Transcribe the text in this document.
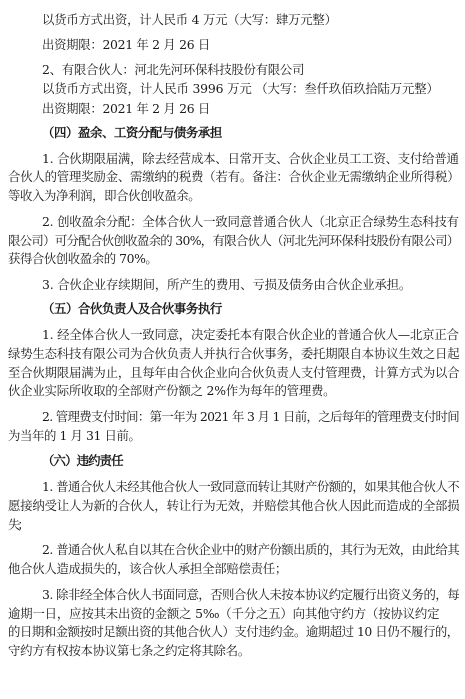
以货币方式出资，计人民币 4 万元（大写：肆万元整）
出资期限：2021 年 2 月 26 日
2、有限合伙人：河北先河环保科技股份有限公司
以货币方式出资，计人民币 3996 万元 （大写：叁仟玖佰玖拾陆万元整）
出资期限：2021 年 2 月 26 日
（四）盈余、工资分配与债务承担
1. 合伙期限届满，除去经营成本、日常开支、合伙企业员工工资、支付给普通
合伙人的管理奖励金、需缴纳的税费（若有。备注：合伙企业无需缴纳企业所得税）
等收入为净利润，即合伙创收盈余。
2. 创收盈余分配：全体合伙人一致同意普通合伙人（北京正合绿势生态科技有
限公司）可分配合伙创收盈余的 30%，有限合伙人（河北先河环保科技股份有限公司）
获得合伙创收盈余的 70%。
3. 合伙企业存续期间，所产生的费用、亏损及债务由合伙企业承担。
（五）合伙负责人及合伙事务执行
1. 经全体合伙人一致同意，决定委托本有限合伙企业的普通合伙人—北京正合
绿势生态科技有限公司为合伙负责人并执行合伙事务，委托期限自本协议生效之日起
至合伙期限届满为止，且每年由合伙企业向合伙负责人支付管理费，计算方式为以合
伙企业实际所收取的全部财产份额之 2%作为每年的管理费。
2. 管理费支付时间：第一年为 2021 年 3 月 1 日前，之后每年的管理费支付时间
为当年的 1 月 31 日前。
（六）违约责任
1. 普通合伙人未经其他合伙人一致同意而转让其财产份额的，如果其他合伙人不
愿接纳受让人为新的合伙人，转让行为无效，并赔偿其他合伙人因此而造成的全部损
失；
2. 普通合伙人私自以其在合伙企业中的财产份额出质的，其行为无效，由此给其
他合伙人造成损失的，该合伙人承担全部赔偿责任；
3. 除非经全体合伙人书面同意，否则合伙人未按本协议约定履行出资义务的，每
逾期一日，应按其未出资的金额之 5‰（千分之五）向其他守约方（按协议约定
的日期和金额按时足额出资的其他合伙人）支付违约金。逾期超过 10 日仍不履行的，
守约方有权按本协议第七条之约定将其除名。
